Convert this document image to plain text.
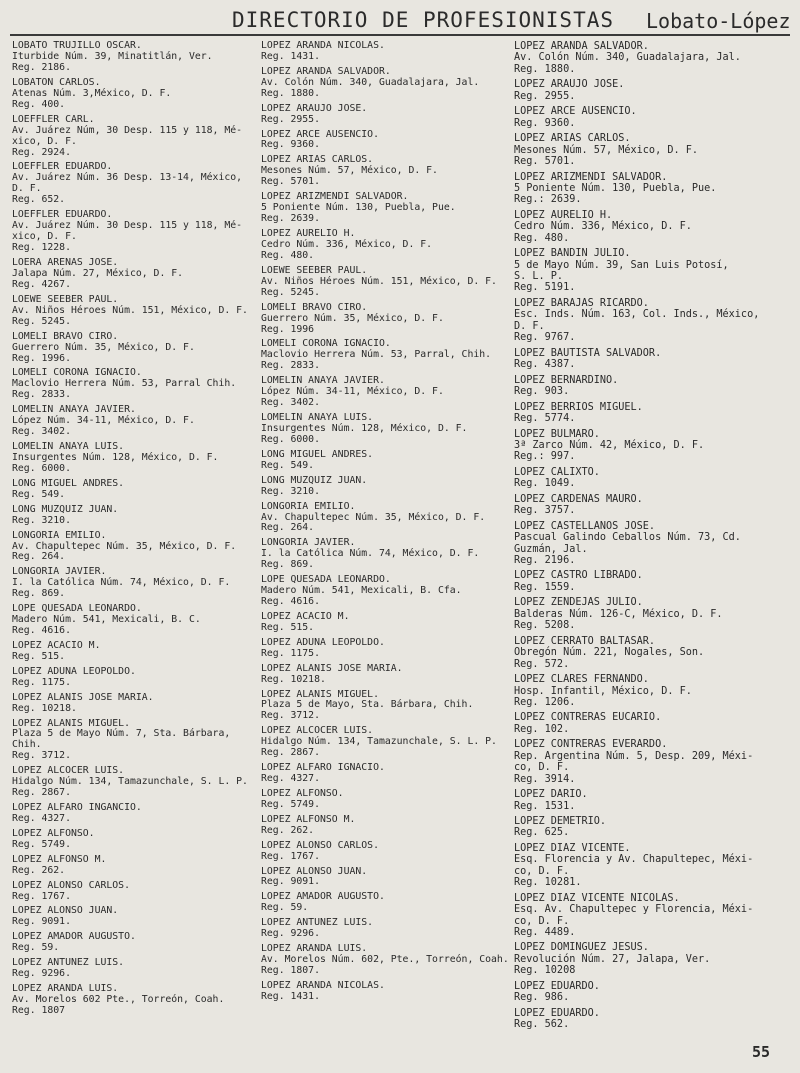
DIRECTORIO DE PROFESIONISTAS Lobato-López
LOBATO TRUJILLO OSCAR.
Iturbide Núm. 39, Minatitlán, Ver.
Reg. 2186.
LOBATON CARLOS.
Atenas Núm. 3,México, D. F.
Reg. 400.
LOEFFLER CARL.
Av. Juárez Núm, 30 Desp. 115 y 118, Mé-
xico, D. F.
Reg. 2924.
LOEFFLER EDUARDO.
Av. Juárez Núm. 36 Desp. 13-14, México,
D. F.
Reg. 652.
LOEFFLER EDUARDO.
Av. Juárez Núm. 30 Desp. 115 y 118, Mé-
xico, D. F.
Reg. 1228.
LOERA ARENAS JOSE.
Jalapa Núm. 27, México, D. F.
Reg. 4267.
LOEWE SEEBER PAUL.
Av. Niños Héroes Núm. 151, México, D. F.
Reg. 5245.
LOMELI BRAVO CIRO.
Guerrero Núm. 35, México, D. F.
Reg. 1996.
LOMELI CORONA IGNACIO.
Maclovio Herrera Núm. 53, Parral Chih.
Reg. 2833.
LOMELIN ANAYA JAVIER.
López Núm. 34-11, México, D. F.
Reg. 3402.
LOMELIN ANAYA LUIS.
Insurgentes Núm. 128, México, D. F.
Reg. 6000.
LONG MIGUEL ANDRES.
Reg. 549.
LONG MUZQUIZ JUAN.
Reg. 3210.
LONGORIA EMILIO.
Av. Chapultepec Núm. 35, México, D. F.
Reg. 264.
LONGORIA JAVIER.
I. la Católica Núm. 74, México, D. F.
Reg. 869.
LOPE QUESADA LEONARDO.
Madero Núm. 541, Mexicali, B. C.
Reg. 4616.
LOPEZ ACACIO M.
Reg. 515.
LOPEZ ADUNA LEOPOLDO.
Reg. 1175.
LOPEZ ALANIS JOSE MARIA.
Reg. 10218.
LOPEZ ALANIS MIGUEL.
Plaza 5 de Mayo Núm. 7, Sta. Bárbara,
Chih.
Reg. 3712.
LOPEZ ALCOCER LUIS.
Hidalgo Núm. 134, Tamazunchale, S. L. P.
Reg. 2867.
LOPEZ ALFARO INGANCIO.
Reg. 4327.
LOPEZ ALFONSO.
Reg. 5749.
LOPEZ ALFONSO M.
Reg. 262.
LOPEZ ALONSO CARLOS.
Reg. 1767.
LOPEZ ALONSO JUAN.
Reg. 9091.
LOPEZ AMADOR AUGUSTO.
Reg. 59.
LOPEZ ANTUNEZ LUIS.
Reg. 9296.
LOPEZ ARANDA LUIS.
Av. Morelos 602 Pte., Torreón, Coah.
Reg. 1807
LOPEZ ARANDA NICOLAS.
Reg. 1431.
LOPEZ ARANDA SALVADOR.
Av. Colón Núm. 340, Guadalajara, Jal.
Reg. 1880.
LOPEZ ARAUJO JOSE.
Reg. 2955.
LOPEZ ARCE AUSENCIO.
Reg. 9360.
LOPEZ ARIAS CARLOS.
Mesones Núm. 57, México, D. F.
Reg. 5701.
LOPEZ ARIZMENDI SALVADOR.
5 Poniente Núm. 130, Puebla, Pue.
Reg. 2639.
LOPEZ AURELIO H.
Cedro Núm. 336, México, D. F.
Reg. 480.
LOEWE SEEBER PAUL.
Av. Niños Héroes Núm. 151, México, D. F.
Reg. 5245.
LOMELI BRAVO CIRO.
Guerrero Núm. 35, México, D. F.
Reg. 1996
LOMELI CORONA IGNACIO.
Maclovio Herrera Núm. 53, Parral, Chih.
Reg. 2833.
LOMELIN ANAYA JAVIER.
López Núm. 34-11, México, D. F.
Reg. 3402.
LOMELIN ANAYA LUIS.
Insurgentes Núm. 128, México, D. F.
Reg. 6000.
LONG MIGUEL ANDRES.
Reg. 549.
LONG MUZQUIZ JUAN.
Reg. 3210.
LONGORIA EMILIO.
Av. Chapultepec Núm. 35, México, D. F.
Reg. 264.
LONGORIA JAVIER.
I. la Católica Núm. 74, México, D. F.
Reg. 869.
LOPE QUESADA LEONARDO.
Madero Núm. 541, Mexicali, B. Cfa.
Reg. 4616.
LOPEZ ACACIO M.
Reg. 515.
LOPEZ ADUNA LEOPOLDO.
Reg. 1175.
LOPEZ ALANIS JOSE MARIA.
Reg. 10218.
LOPEZ ALANIS MIGUEL.
Plaza 5 de Mayo, Sta. Bárbara, Chih.
Reg. 3712.
LOPEZ ALCOCER LUIS.
Hidalgo Núm. 134, Tamazunchale, S. L. P.
Reg. 2867.
LOPEZ ALFARO IGNACIO.
Reg. 4327.
LOPEZ ALFONSO.
Reg. 5749.
LOPEZ ALFONSO M.
Reg. 262.
LOPEZ ALONSO CARLOS.
Reg. 1767.
LOPEZ ALONSO JUAN.
Reg. 9091.
LOPEZ AMADOR AUGUSTO.
Reg. 59.
LOPEZ ANTUNEZ LUIS.
Reg. 9296.
LOPEZ ARANDA LUIS.
Av. Morelos Núm. 602, Pte., Torreón, Coah.
Reg. 1807.
LOPEZ ARANDA NICOLAS.
Reg. 1431.
LOPEZ ARANDA SALVADOR.
Av. Colón Núm. 340, Guadalajara, Jal.
Reg. 1880.
LOPEZ ARAUJO JOSE.
Reg. 2955.
LOPEZ ARCE AUSENCIO.
Reg. 9360.
LOPEZ ARIAS CARLOS.
Mesones Núm. 57, México, D. F.
Reg. 5701.
LOPEZ ARIZMENDI SALVADOR.
5 Poniente Núm. 130, Puebla, Pue.
Reg.: 2639.
LOPEZ AURELIO H.
Cedro Núm. 336, México, D. F.
Reg. 480.
LOPEZ BANDIN JULIO.
5 de Mayo Núm. 39, San Luis Potosí,
S. L. P.
Reg. 5191.
LOPEZ BARAJAS RICARDO.
Esc. Inds. Núm. 163, Col. Inds., México,
D. F.
Reg. 9767.
LOPEZ BAUTISTA SALVADOR.
Reg. 4387.
LOPEZ BERNARDINO.
Reg. 903.
LOPEZ BERRIOS MIGUEL.
Reg. 5774.
LOPEZ BULMARO.
3ª Zarco Núm. 42, México, D. F.
Reg.: 997.
LOPEZ CALIXTO.
Reg. 1049.
LOPEZ CARDENAS MAURO.
Reg. 3757.
LOPEZ CASTELLANOS JOSE.
Pascual Galindo Ceballos Núm. 73, Cd.
Guzmán, Jal.
Reg. 2196.
LOPEZ CASTRO LIBRADO.
Reg. 1559.
LOPEZ ZENDEJAS JULIO.
Balderas Núm. 126-C, México, D. F.
Reg. 5208.
LOPEZ CERRATO BALTASAR.
Obregón Núm. 221, Nogales, Son.
Reg. 572.
LOPEZ CLARES FERNANDO.
Hosp. Infantil, México, D. F.
Reg. 1206.
LOPEZ CONTRERAS EUCARIO.
Reg. 102.
LOPEZ CONTRERAS EVERARDO.
Rep. Argentina Núm. 5, Desp. 209, Méxi-
co, D. F.
Reg. 3914.
LOPEZ DARIO.
Reg. 1531.
LOPEZ DEMETRIO.
Reg. 625.
LOPEZ DIAZ VICENTE.
Esq. Florencia y Av. Chapultepec, Méxi-
co, D. F.
Reg. 10281.
LOPEZ DIAZ VICENTE NICOLAS.
Esq. Av. Chapultepec y Florencia, Méxi-
co, D. F.
Reg. 4489.
LOPEZ DOMINGUEZ JESUS.
Revolución Núm. 27, Jalapa, Ver.
Reg. 10208
LOPEZ EDUARDO.
Reg. 986.
LOPEZ EDUARDO.
Reg. 562.
55
